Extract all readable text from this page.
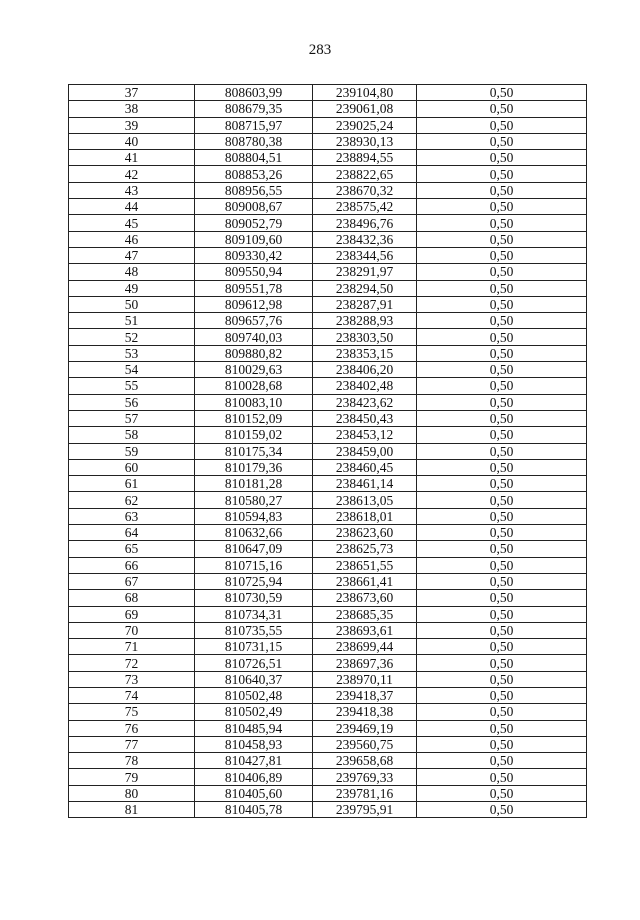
283
37	808603,99	239104,80	0,50
38	808679,35	239061,08	0,50
39	808715,97	239025,24	0,50
40	808780,38	238930,13	0,50
41	808804,51	238894,55	0,50
42	808853,26	238822,65	0,50
43	808956,55	238670,32	0,50
44	809008,67	238575,42	0,50
45	809052,79	238496,76	0,50
46	809109,60	238432,36	0,50
47	809330,42	238344,56	0,50
48	809550,94	238291,97	0,50
49	809551,78	238294,50	0,50
50	809612,98	238287,91	0,50
51	809657,76	238288,93	0,50
52	809740,03	238303,50	0,50
53	809880,82	238353,15	0,50
54	810029,63	238406,20	0,50
55	810028,68	238402,48	0,50
56	810083,10	238423,62	0,50
57	810152,09	238450,43	0,50
58	810159,02	238453,12	0,50
59	810175,34	238459,00	0,50
60	810179,36	238460,45	0,50
61	810181,28	238461,14	0,50
62	810580,27	238613,05	0,50
63	810594,83	238618,01	0,50
64	810632,66	238623,60	0,50
65	810647,09	238625,73	0,50
66	810715,16	238651,55	0,50
67	810725,94	238661,41	0,50
68	810730,59	238673,60	0,50
69	810734,31	238685,35	0,50
70	810735,55	238693,61	0,50
71	810731,15	238699,44	0,50
72	810726,51	238697,36	0,50
73	810640,37	238970,11	0,50
74	810502,48	239418,37	0,50
75	810502,49	239418,38	0,50
76	810485,94	239469,19	0,50
77	810458,93	239560,75	0,50
78	810427,81	239658,68	0,50
79	810406,89	239769,33	0,50
80	810405,60	239781,16	0,50
81	810405,78	239795,91	0,50
